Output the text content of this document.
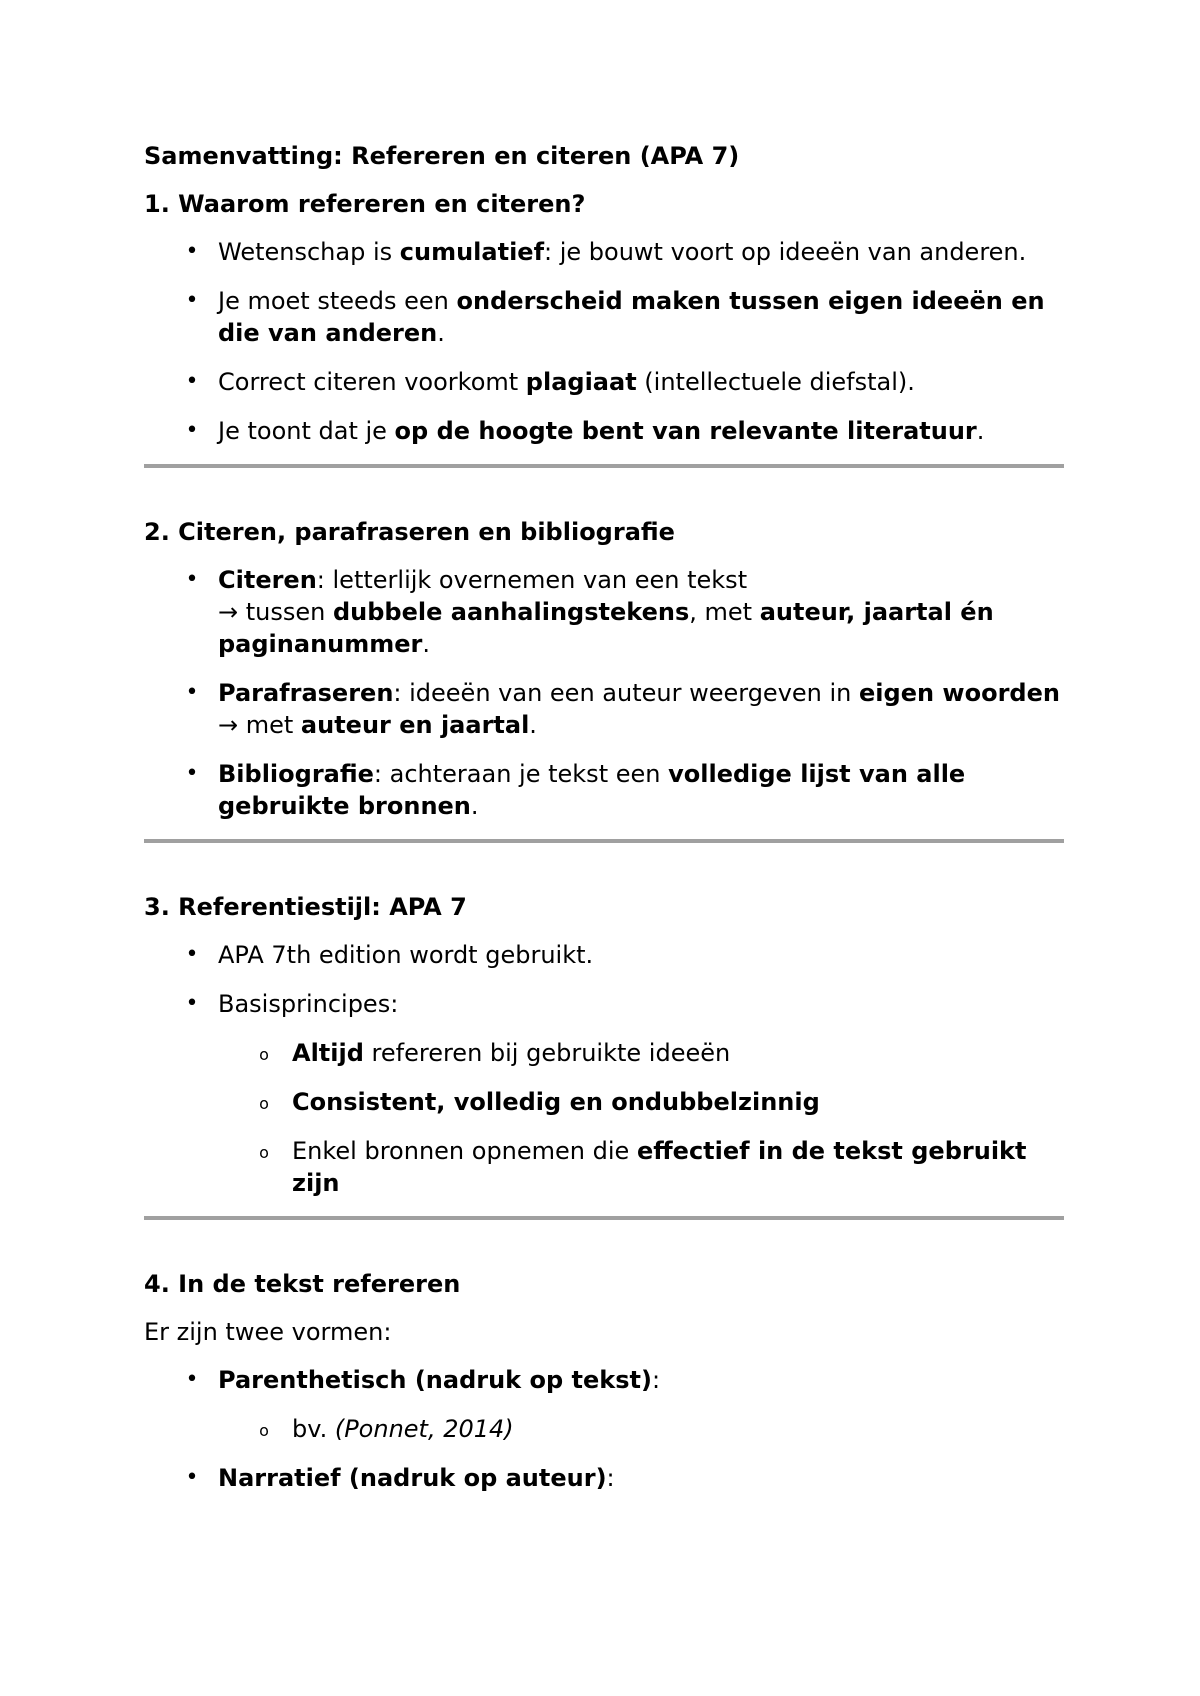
Samenvatting: Refereren en citeren (APA 7)
1. Waarom refereren en citeren?
• Wetenschap is cumulatief: je bouwt voort op ideeën van anderen.
• Je moet steeds een onderscheid maken tussen eigen ideeën en die van anderen.
• Correct citeren voorkomt plagiaat (intellectuele diefstal).
• Je toont dat je op de hoogte bent van relevante literatuur.
2. Citeren, parafraseren en bibliografie
• Citeren: letterlijk overnemen van een tekst
→ tussen dubbele aanhalingstekens, met auteur, jaartal én paginanummer.
• Parafraseren: ideeën van een auteur weergeven in eigen woorden
→ met auteur en jaartal.
• Bibliografie: achteraan je tekst een volledige lijst van alle gebruikte bronnen.
3. Referentiestijl: APA 7
• APA 7th edition wordt gebruikt.
• Basisprincipes:
o Altijd refereren bij gebruikte ideeën
o Consistent, volledig en ondubbelzinnig
o Enkel bronnen opnemen die effectief in de tekst gebruikt zijn
4. In de tekst refereren
Er zijn twee vormen:
• Parenthetisch (nadruk op tekst):
o bv. (Ponnet, 2014)
• Narratief (nadruk op auteur):
